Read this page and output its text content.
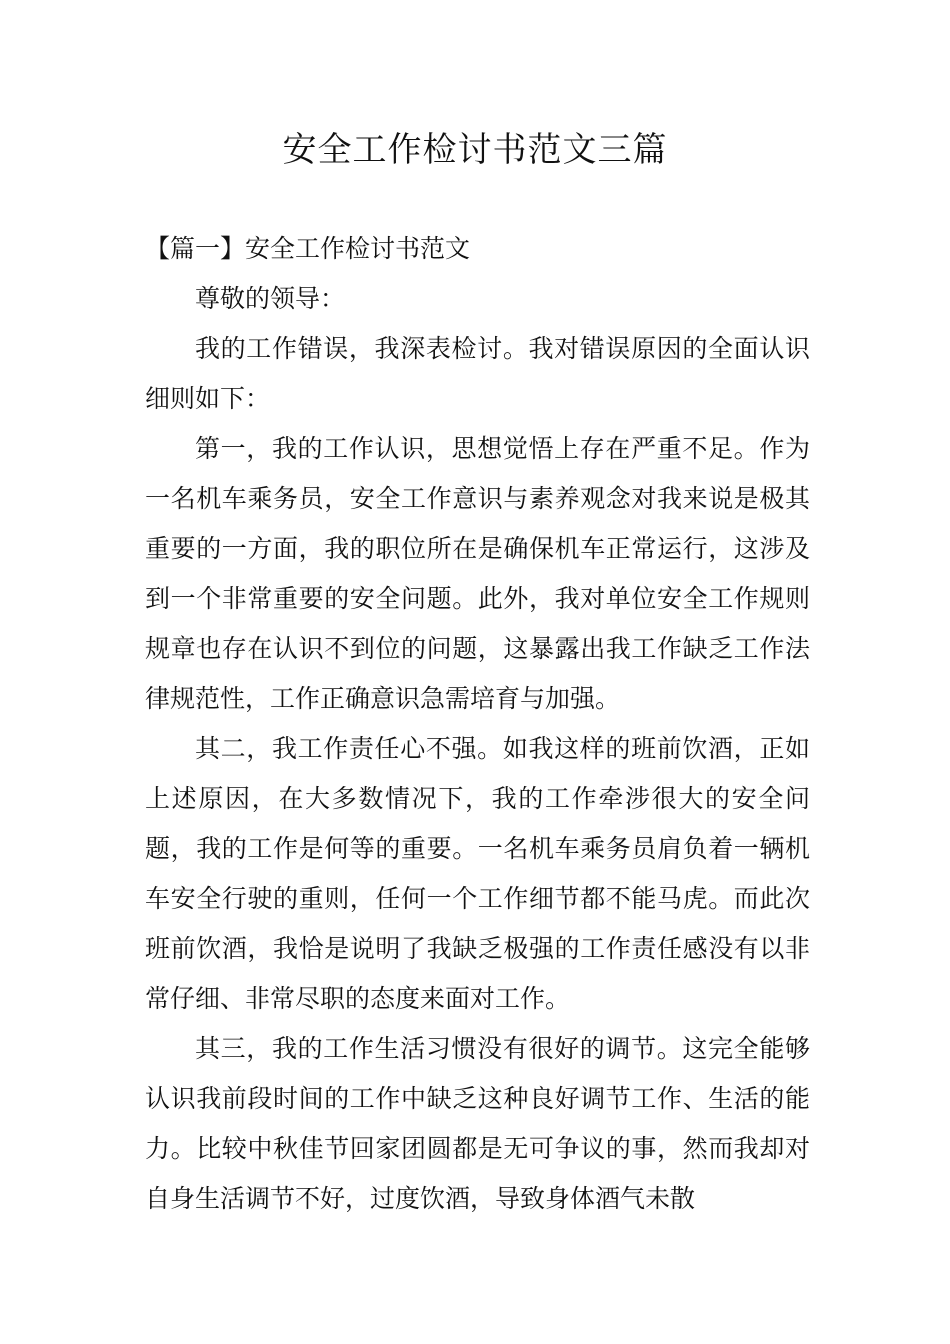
安全工作检讨书范文三篇

【篇一】安全工作检讨书范文

尊敬的领导：

我的工作错误，我深表检讨。我对错误原因的全面认识细则如下：

第一，我的工作认识，思想觉悟上存在严重不足。作为一名机车乘务员，安全工作意识与素养观念对我来说是极其重要的一方面，我的职位所在是确保机车正常运行，这涉及到一个非常重要的安全问题。此外，我对单位安全工作规则规章也存在认识不到位的问题，这暴露出我工作缺乏工作法律规范性，工作正确意识急需培育与加强。

其二，我工作责任心不强。如我这样的班前饮酒，正如上述原因，在大多数情况下，我的工作牵涉很大的安全问题，我的工作是何等的重要。一名机车乘务员肩负着一辆机车安全行驶的重则，任何一个工作细节都不能马虎。而此次班前饮酒，我恰是说明了我缺乏极强的工作责任感没有以非常仔细、非常尽职的态度来面对工作。

其三，我的工作生活习惯没有很好的调节。这完全能够认识我前段时间的工作中缺乏这种良好调节工作、生活的能力。比较中秋佳节回家团圆都是无可争议的事，然而我却对自身生活调节不好，过度饮酒，导致身体酒气未散
